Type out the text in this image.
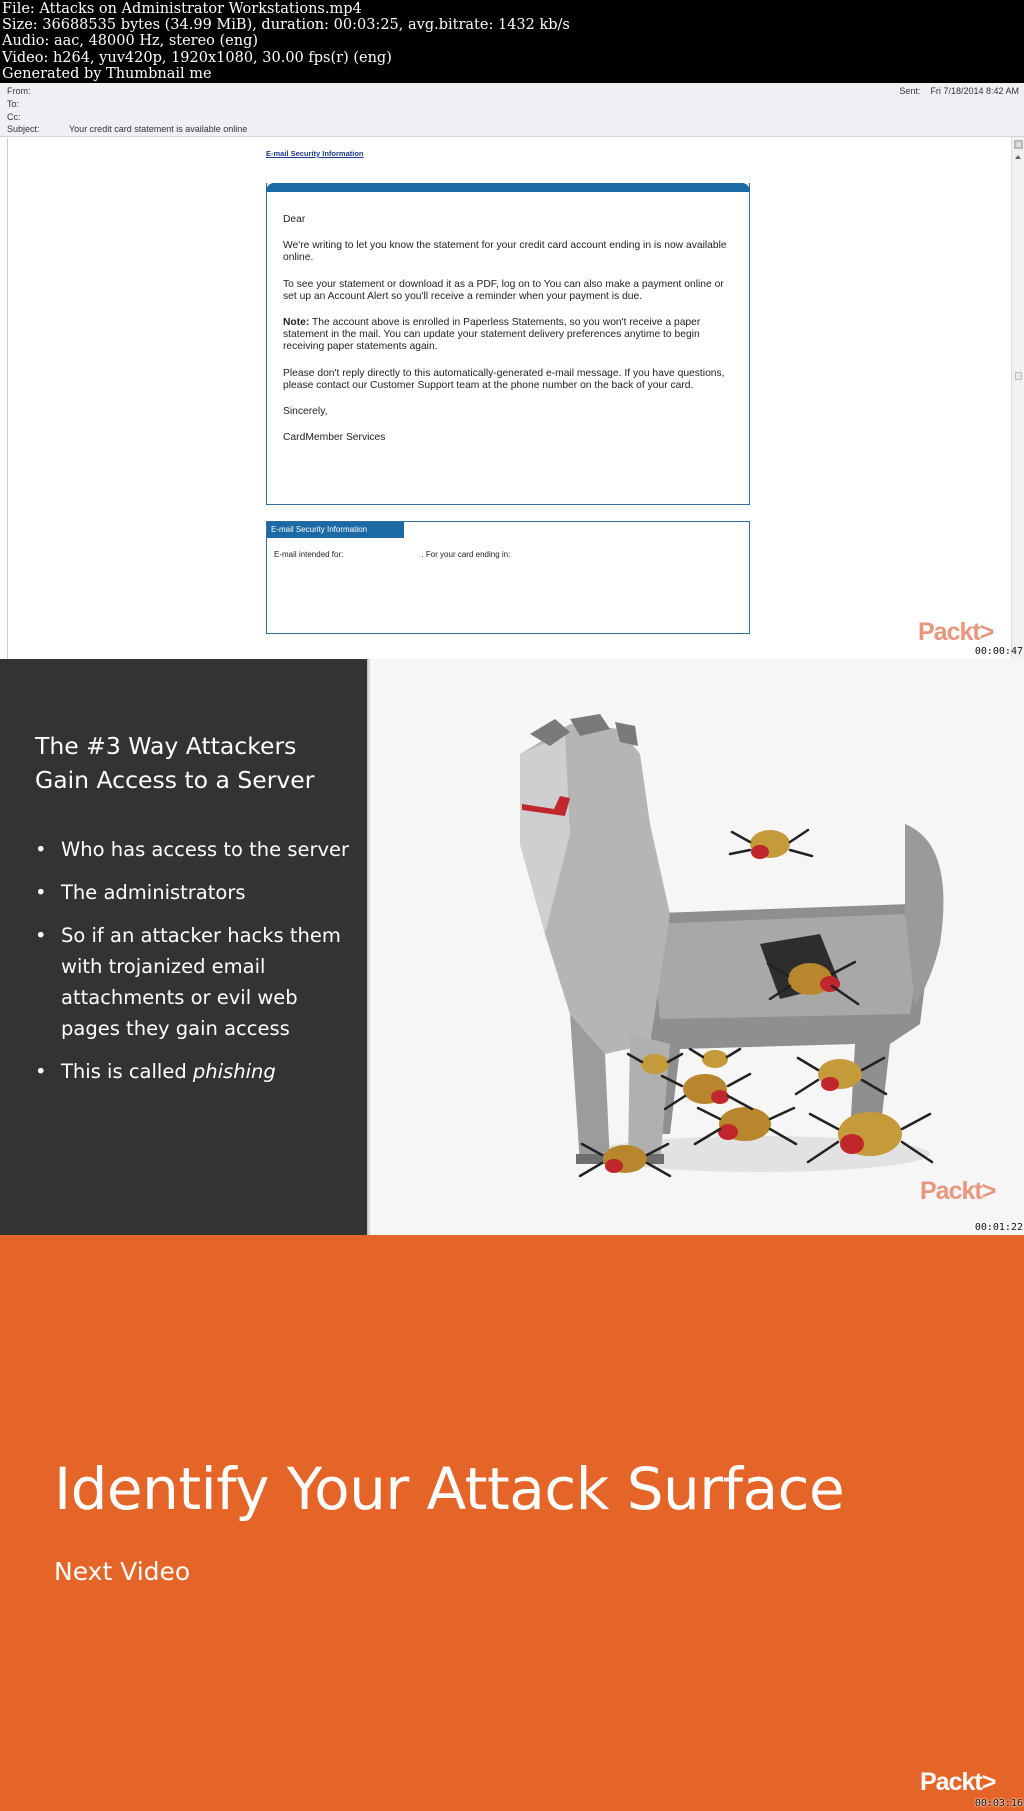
File: Attacks on Administrator Workstations.mp4
Size: 36688535 bytes (34.99 MiB), duration: 00:03:25, avg.bitrate: 1432 kb/s
Audio: aac, 48000 Hz, stereo (eng)
Video: h264, yuv420p, 1920x1080, 30.00 fps(r) (eng)
Generated by Thumbnail me
From:
To:
Cc:
Subject:	Your credit card statement is available online
Sent: Fri 7/18/2014 8:42 AM
E-mail Security Information

Dear

We're writing to let you know the statement for your credit card account ending in is now available online.

To see your statement or download it as a PDF, log on to You can also make a payment online or set up an Account Alert so you'll receive a reminder when your payment is due.

Note: The account above is enrolled in Paperless Statements, so you won't receive a paper statement in the mail. You can update your statement delivery preferences anytime to begin receiving paper statements again.

Please don't reply directly to this automatically-generated e-mail message. If you have questions, please contact our Customer Support team at the phone number on the back of your card.

Sincerely,

CardMember Services

E-mail Security Information
E-mail intended for:	. For your card ending in:
Packt>
00:00:47
The #3 Way Attackers Gain Access to a Server
• Who has access to the server
• The administrators
• So if an attacker hacks them with trojanized email attachments or evil web pages they gain access
• This is called phishing
Packt>
00:01:22
Identify Your Attack Surface
Next Video
Packt>
00:03:16
